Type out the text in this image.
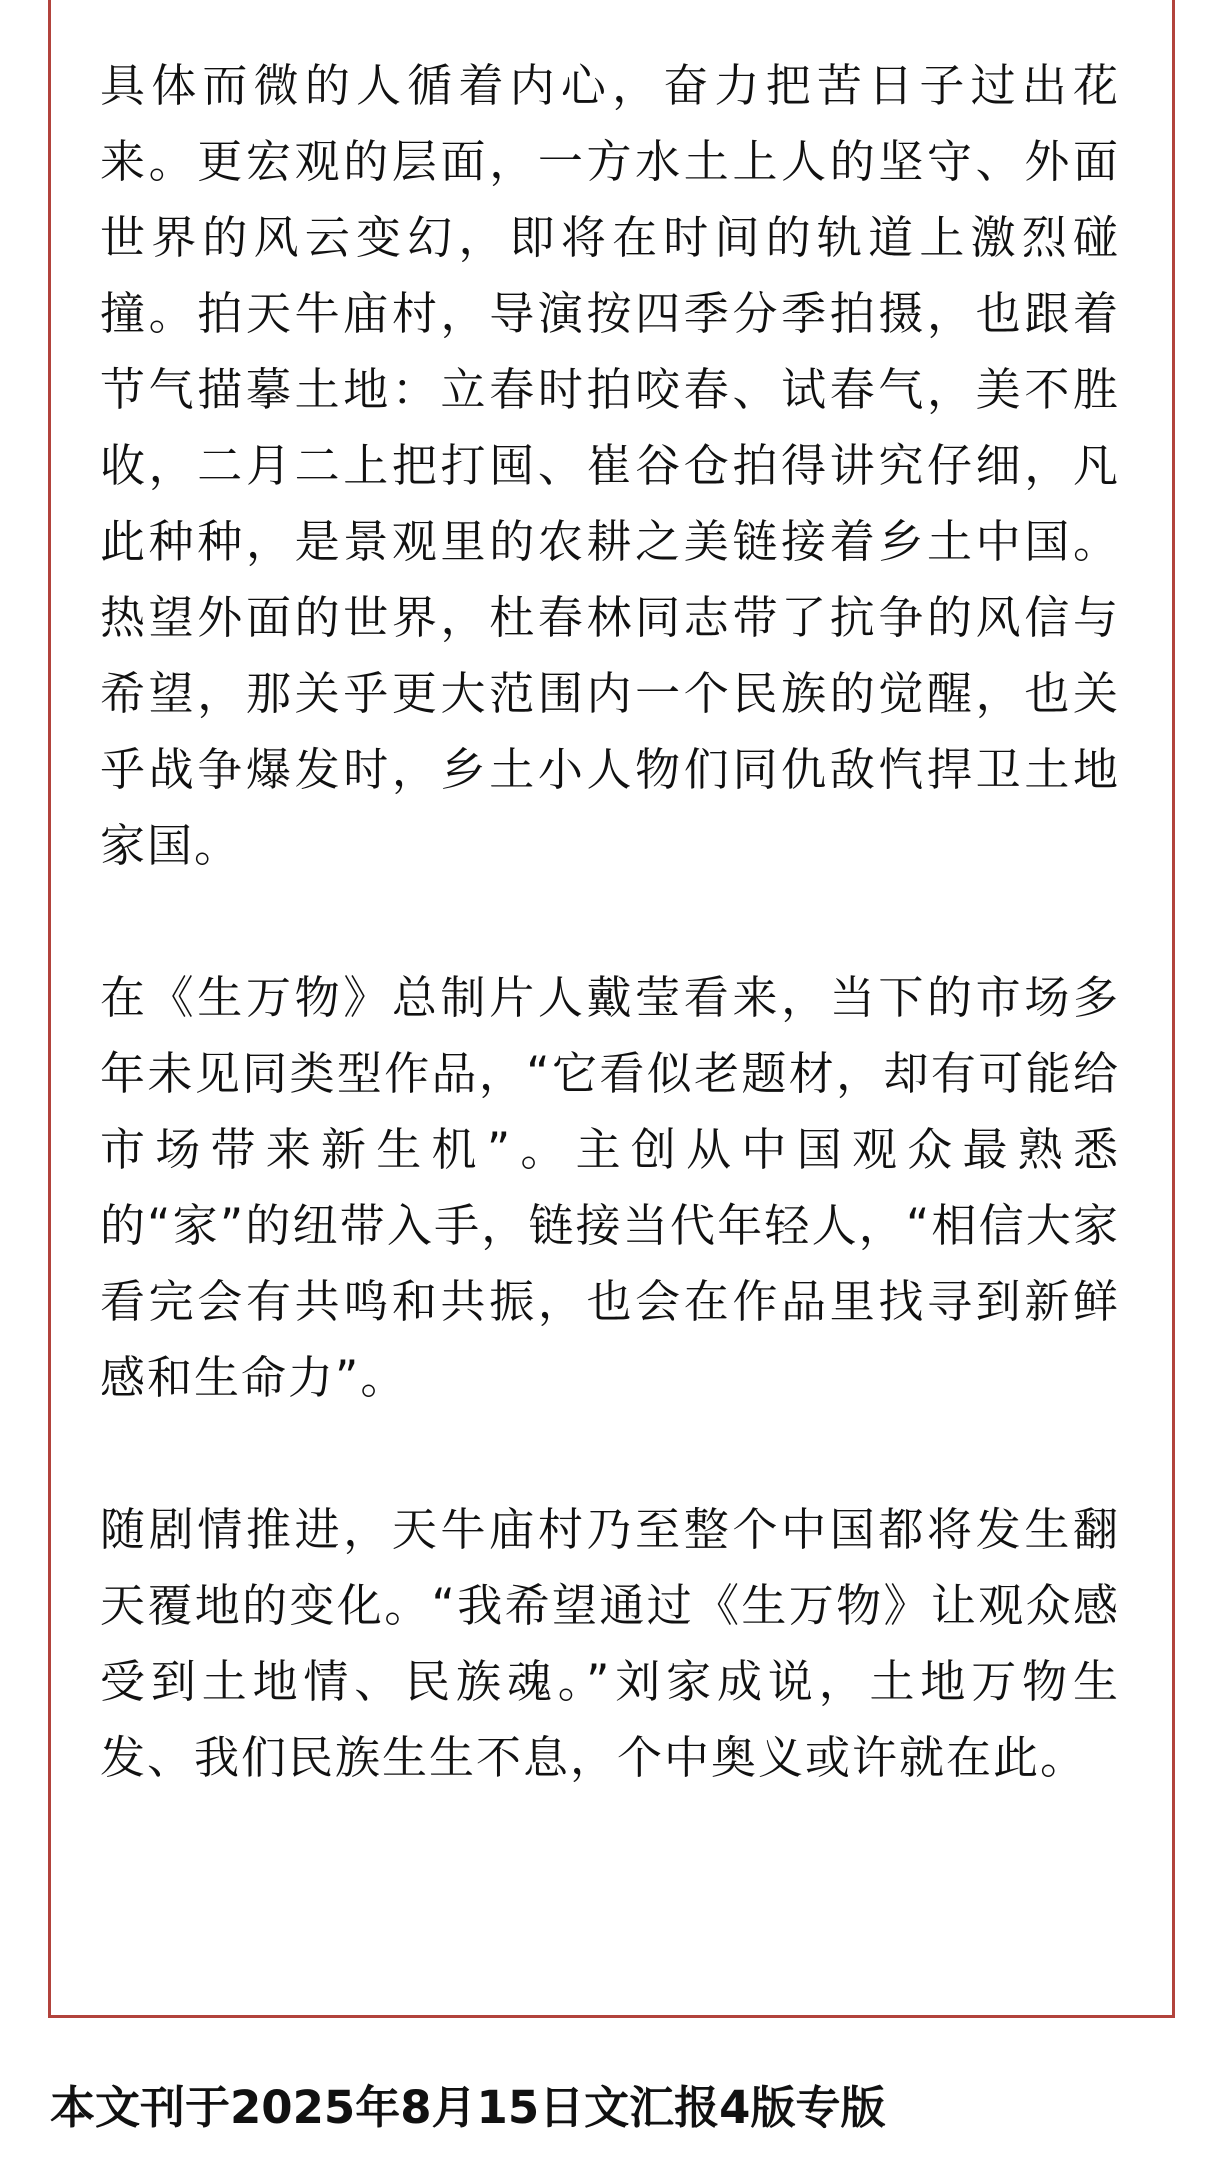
具体而微的人循着内心，奋力把苦日子过出花来。更宏观的层面，一方水土上人的坚守、外面世界的风云变幻，即将在时间的轨道上激烈碰撞。拍天牛庙村，导演按四季分季拍摄，也跟着节气描摹土地：立春时拍咬春、试春气，美不胜收，二月二上把打囤、崔谷仓拍得讲究仔细，凡此种种，是景观里的农耕之美链接着乡土中国。热望外面的世界，杜春林同志带了抗争的风信与希望，那关乎更大范围内一个民族的觉醒，也关乎战争爆发时，乡土小人物们同仇敌忾捍卫土地家国。

在《生万物》总制片人戴莹看来，当下的市场多年未见同类型作品，“它看似老题材，却有可能给市场带来新生机”。主创从中国观众最熟悉的“家”的纽带入手，链接当代年轻人，“相信大家看完会有共鸣和共振，也会在作品里找寻到新鲜感和生命力”。

随剧情推进，天牛庙村乃至整个中国都将发生翻天覆地的变化。“我希望通过《生万物》让观众感受到土地情、民族魂。”刘家成说，土地万物生发、我们民族生生不息，个中奥义或许就在此。

本文刊于2025年8月15日文汇报4版专版
